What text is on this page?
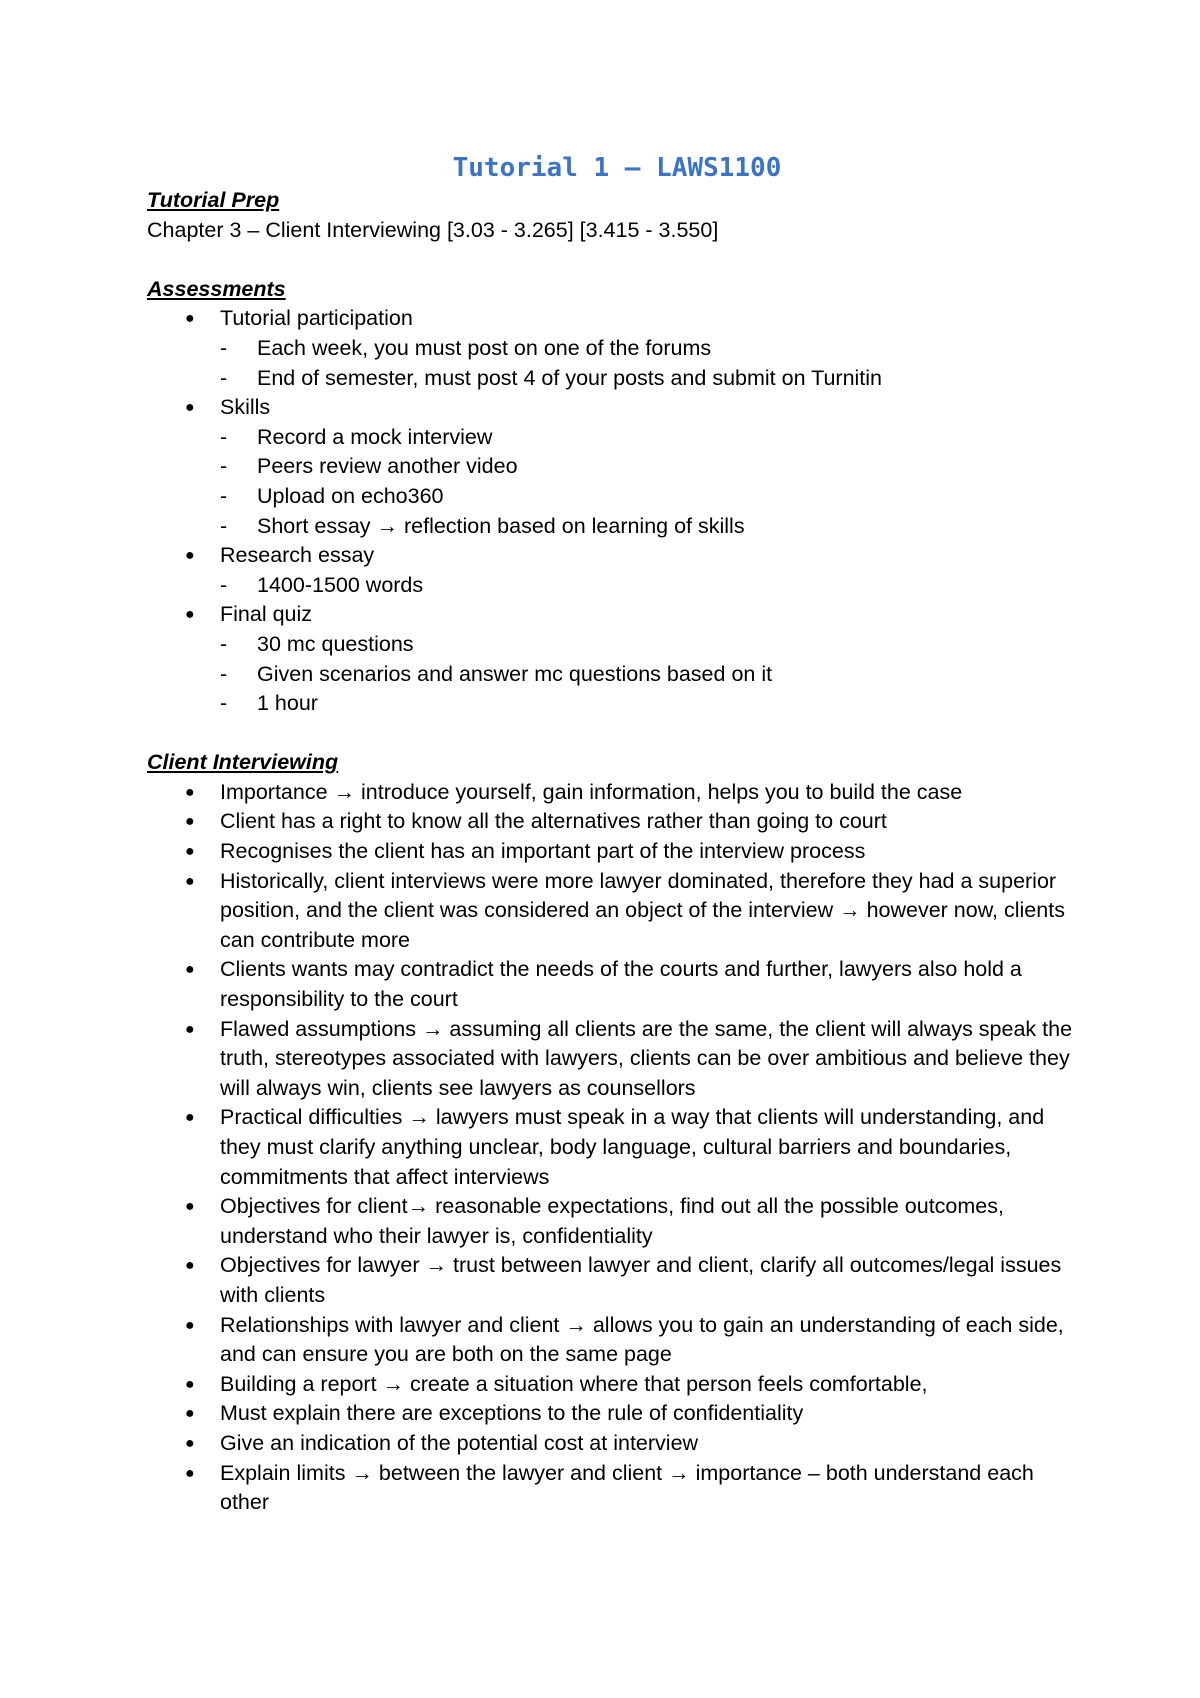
Tutorial 1 – LAWS1100

Tutorial Prep

Chapter 3 – Client Interviewing [3.03 - 3.265] [3.415 - 3.550]

Assessments

● Tutorial participation
- Each week, you must post on one of the forums
- End of semester, must post 4 of your posts and submit on Turnitin
● Skills
- Record a mock interview
- Peers review another video
- Upload on echo360
- Short essay → reflection based on learning of skills
● Research essay
- 1400-1500 words
● Final quiz
- 30 mc questions
- Given scenarios and answer mc questions based on it
- 1 hour

Client Interviewing

● Importance → introduce yourself, gain information, helps you to build the case
● Client has a right to know all the alternatives rather than going to court
● Recognises the client has an important part of the interview process
● Historically, client interviews were more lawyer dominated, therefore they had a superior position, and the client was considered an object of the interview → however now, clients can contribute more
● Clients wants may contradict the needs of the courts and further, lawyers also hold a responsibility to the court
● Flawed assumptions → assuming all clients are the same, the client will always speak the truth, stereotypes associated with lawyers, clients can be over ambitious and believe they will always win, clients see lawyers as counsellors
● Practical difficulties → lawyers must speak in a way that clients will understanding, and they must clarify anything unclear, body language, cultural barriers and boundaries, commitments that affect interviews
● Objectives for client→ reasonable expectations, find out all the possible outcomes, understand who their lawyer is, confidentiality
● Objectives for lawyer → trust between lawyer and client, clarify all outcomes/legal issues with clients
● Relationships with lawyer and client → allows you to gain an understanding of each side, and can ensure you are both on the same page
● Building a report → create a situation where that person feels comfortable,
● Must explain there are exceptions to the rule of confidentiality
● Give an indication of the potential cost at interview
● Explain limits → between the lawyer and client → importance – both understand each other
